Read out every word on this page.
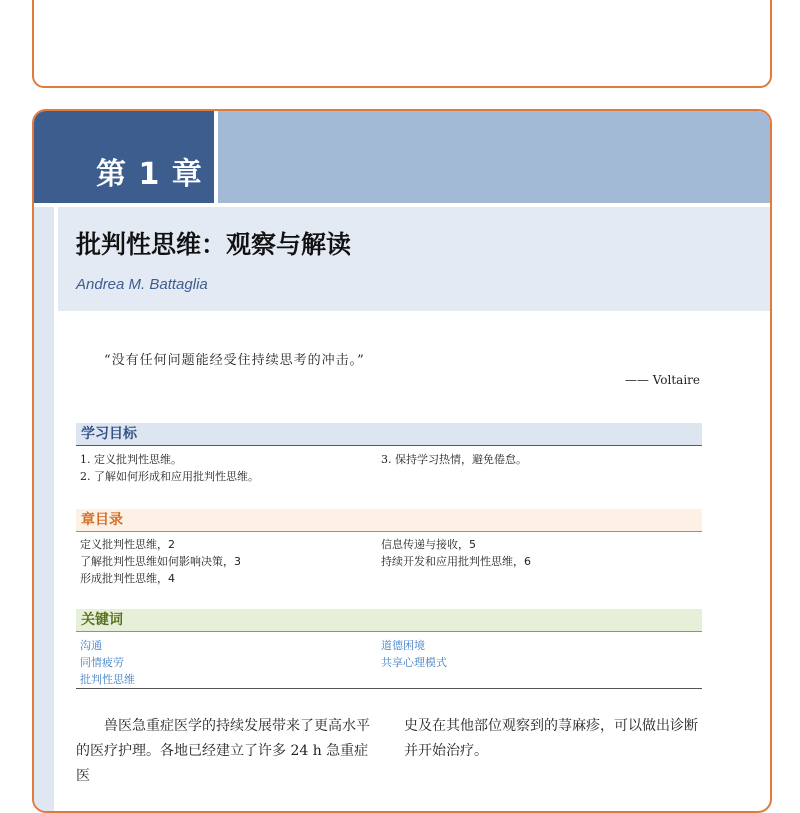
第 1 章
批判性思维：观察与解读
Andrea M. Battaglia
“没有任何问题能经受住持续思考的冲击。”
—— Voltaire
学习目标
1. 定义批判性思维。
2. 了解如何形成和应用批判性思维。
3. 保持学习热情，避免倦怠。
章目录
定义批判性思维，2
了解批判性思维如何影响决策，3
形成批判性思维，4
信息传递与接收，5
持续开发和应用批判性思维，6
关键词
沟通
同情疲劳
批判性思维
道德困境
共享心理模式
兽医急重症医学的持续发展带来了更高水平
的医疗护理。各地已经建立了许多 24 h 急重症医
史及在其他部位观察到的荨麻疹，可以做出诊断
并开始治疗。
